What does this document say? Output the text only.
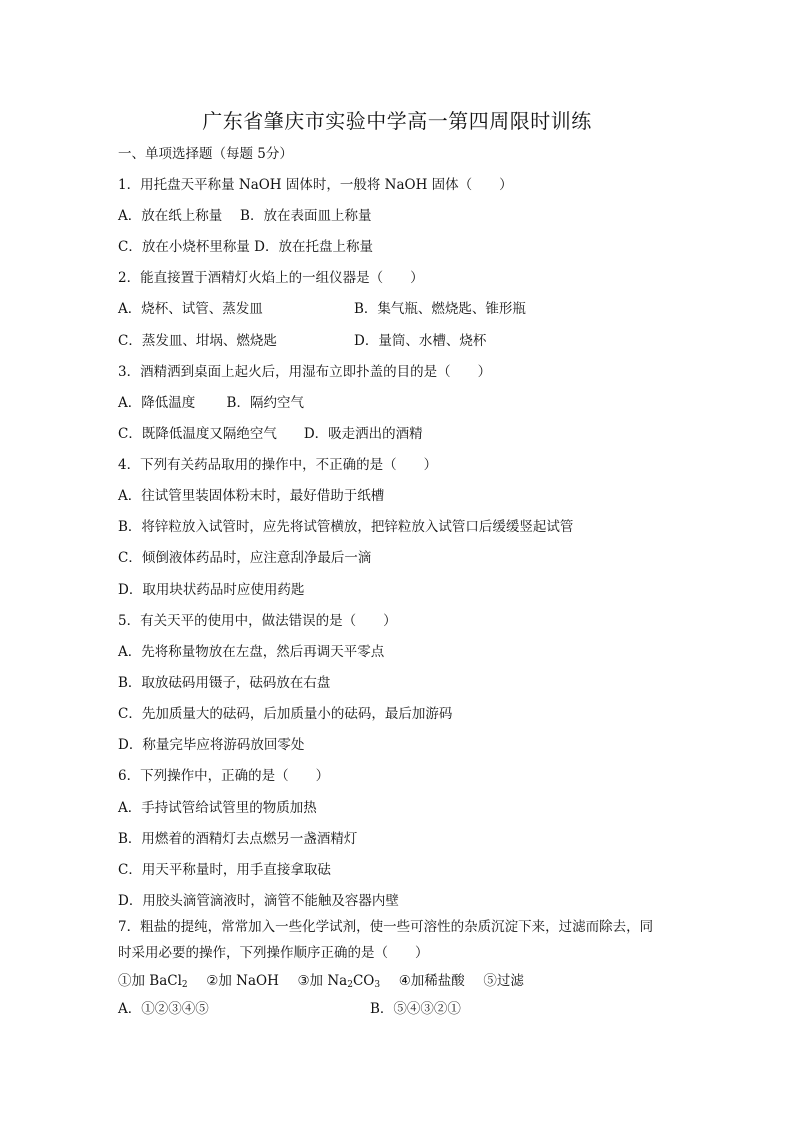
广东省肇庆市实验中学高一第四周限时训练
一、单项选择题（每题 5分）
1．用托盘天平称量 NaOH 固体时，一般将 NaOH 固体（　　）
A．放在纸上称量　 B．放在表面皿上称量
C．放在小烧杯里称量 D．放在托盘上称量
2．能直接置于酒精灯火焰上的一组仪器是（　　）
A．烧杯、试管、蒸发皿	B．集气瓶、燃烧匙、锥形瓶
C．蒸发皿、坩埚、燃烧匙	D．量筒、水槽、烧杯
3．酒精洒到桌面上起火后，用湿布立即扑盖的目的是（　　）
A．降低温度　　 B．隔约空气
C．既降低温度又隔绝空气　　D．吸走洒出的酒精
4．下列有关药品取用的操作中，不正确的是（　　）
A．往试管里装固体粉末时，最好借助于纸槽
B．将锌粒放入试管时，应先将试管横放，把锌粒放入试管口后缓缓竖起试管
C．倾倒液体药品时，应注意刮净最后一滴
D．取用块状药品时应使用药匙
5．有关天平的使用中，做法错误的是（　　）
A．先将称量物放在左盘，然后再调天平零点
B．取放砝码用镊子，砝码放在右盘
C．先加质量大的砝码，后加质量小的砝码，最后加游码
D．称量完毕应将游码放回零处
6．下列操作中，正确的是（　　）
A．手持试管给试管里的物质加热
B．用燃着的酒精灯去点燃另一盏酒精灯
C．用天平称量时，用手直接拿取砝
D．用胶头滴管滴液时，滴管不能触及容器内壁
7．粗盐的提纯，常常加入一些化学试剂，使一些可溶性的杂质沉淀下来，过滤而除去，同
时采用必要的操作，下列操作顺序正确的是（　　）
①加 BaCl$_2$ ②加 NaOH ③加 $Na_2CO_3$ ④加稀盐酸 ⑤过滤
A．①②③④⑤	B．⑤④③②①
